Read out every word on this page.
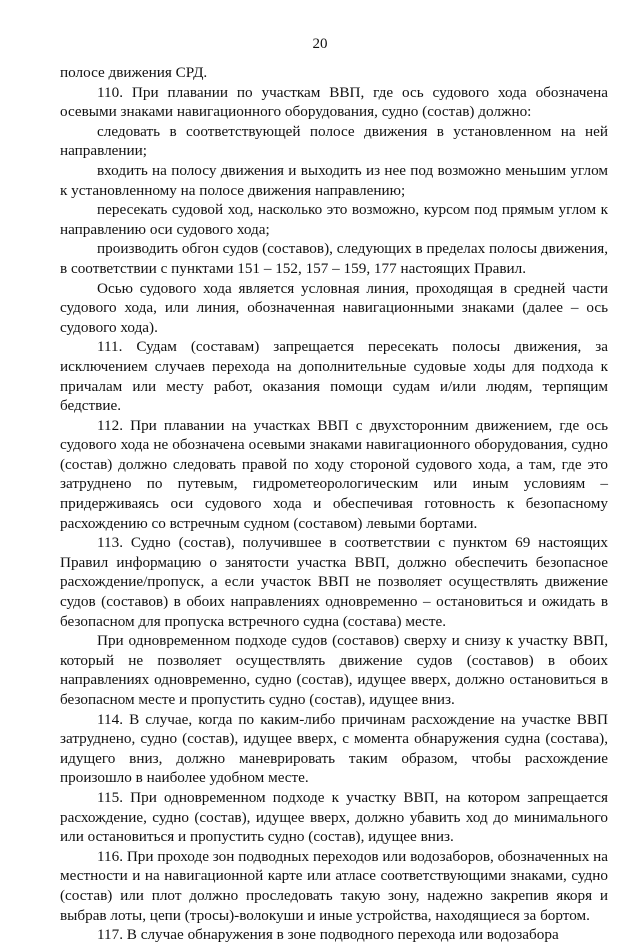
20

полосе движения СРД.

110. При плавании по участкам ВВП, где ось судового хода обозначена осевыми знаками навигационного оборудования, судно (состав) должно:

следовать в соответствующей полосе движения в установленном на ней направлении;

входить на полосу движения и выходить из нее под возможно меньшим углом к установленному на полосе движения направлению;

пересекать судовой ход, насколько это возможно, курсом под прямым углом к направлению оси судового хода;

производить обгон судов (составов), следующих в пределах полосы движения, в соответствии с пунктами 151 – 152, 157 – 159, 177 настоящих Правил.

Осью судового хода является условная линия, проходящая в средней части судового хода, или линия, обозначенная навигационными знаками (далее – ось судового хода).

111. Судам (составам) запрещается пересекать полосы движения, за исключением случаев перехода на дополнительные судовые ходы для подхода к причалам или месту работ, оказания помощи судам и/или людям, терпящим бедствие.

112. При плавании на участках ВВП с двухсторонним движением, где ось судового хода не обозначена осевыми знаками навигационного оборудования, судно (состав) должно следовать правой по ходу стороной судового хода, а там, где это затруднено по путевым, гидрометеорологическим или иным условиям – придерживаясь оси судового хода и обеспечивая готовность к безопасному расхождению со встречным судном (составом) левыми бортами.

113. Судно (состав), получившее в соответствии с пунктом 69 настоящих Правил информацию о занятости участка ВВП, должно обеспечить безопасное расхождение/пропуск, а если участок ВВП не позволяет осуществлять движение судов (составов) в обоих направлениях одновременно – остановиться и ожидать в безопасном для пропуска встречного судна (состава) месте.

При одновременном подходе судов (составов) сверху и снизу к участку ВВП, который не позволяет осуществлять движение судов (составов) в обоих направлениях одновременно, судно (состав), идущее вверх, должно остановиться в безопасном месте и пропустить судно (состав), идущее вниз.

114. В случае, когда по каким-либо причинам расхождение на участке ВВП затруднено, судно (состав), идущее вверх, с момента обнаружения судна (состава), идущего вниз, должно маневрировать таким образом, чтобы расхождение произошло в наиболее удобном месте.

115. При одновременном подходе к участку ВВП, на котором запрещается расхождение, судно (состав), идущее вверх, должно убавить ход до минимального или остановиться и пропустить судно (состав), идущее вниз.

116. При проходе зон подводных переходов или водозаборов, обозначенных на местности и на навигационной карте или атласе соответствующими знаками, судно (состав) или плот должно проследовать такую зону, надежно закрепив якоря и выбрав лоты, цепи (тросы)-волокуши и иные устройства, находящиеся за бортом.

117. В случае обнаружения в зоне подводного перехода или водозабора
